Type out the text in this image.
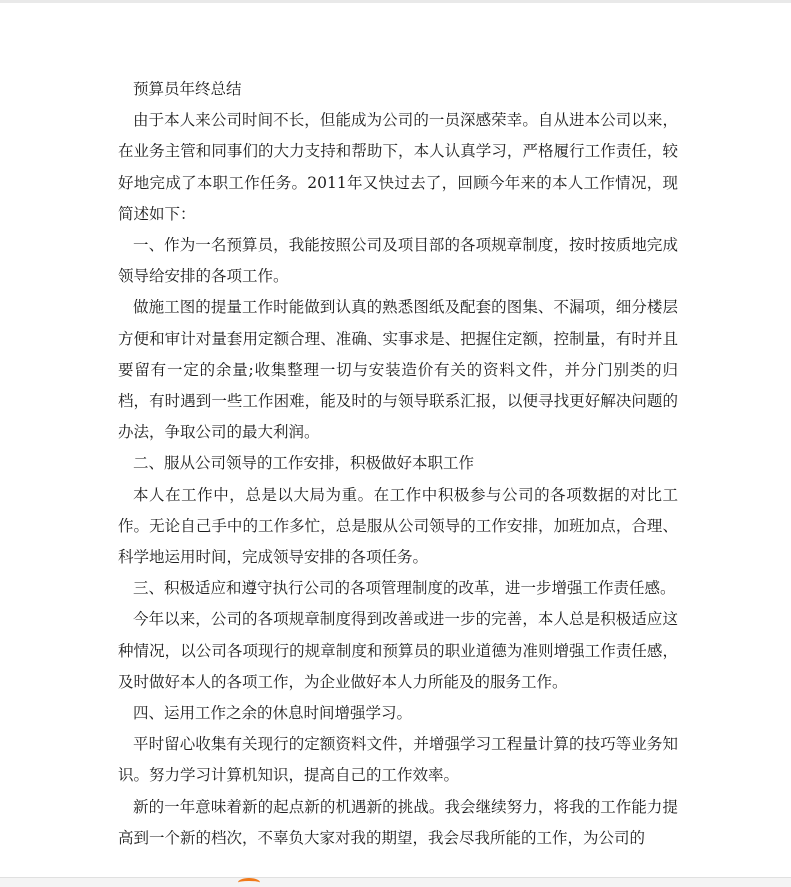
预算员年终总结

由于本人来公司时间不长，但能成为公司的一员深感荣幸。自从进本公司以来，在业务主管和同事们的大力支持和帮助下，本人认真学习，严格履行工作责任，较好地完成了本职工作任务。2011年又快过去了，回顾今年来的本人工作情况，现简述如下：

一、作为一名预算员，我能按照公司及项目部的各项规章制度，按时按质地完成领导给安排的各项工作。

做施工图的提量工作时能做到认真的熟悉图纸及配套的图集、不漏项，细分楼层方便和审计对量套用定额合理、准确、实事求是、把握住定额，控制量，有时并且要留有一定的余量;收集整理一切与安装造价有关的资料文件，并分门别类的归档，有时遇到一些工作困难，能及时的与领导联系汇报，以便寻找更好解决问题的办法，争取公司的最大利润。

二、服从公司领导的工作安排，积极做好本职工作

本人在工作中，总是以大局为重。在工作中积极参与公司的各项数据的对比工作。无论自己手中的工作多忙，总是服从公司领导的工作安排，加班加点，合理、科学地运用时间，完成领导安排的各项任务。

三、积极适应和遵守执行公司的各项管理制度的改革，进一步增强工作责任感。

今年以来，公司的各项规章制度得到改善或进一步的完善，本人总是积极适应这种情况，以公司各项现行的规章制度和预算员的职业道德为准则增强工作责任感，及时做好本人的各项工作，为企业做好本人力所能及的服务工作。

四、运用工作之余的休息时间增强学习。

平时留心收集有关现行的定额资料文件，并增强学习工程量计算的技巧等业务知识。努力学习计算机知识，提高自己的工作效率。

新的一年意味着新的起点新的机遇新的挑战。我会继续努力，将我的工作能力提高到一个新的档次，不辜负大家对我的期望，我会尽我所能的工作，为公司的
